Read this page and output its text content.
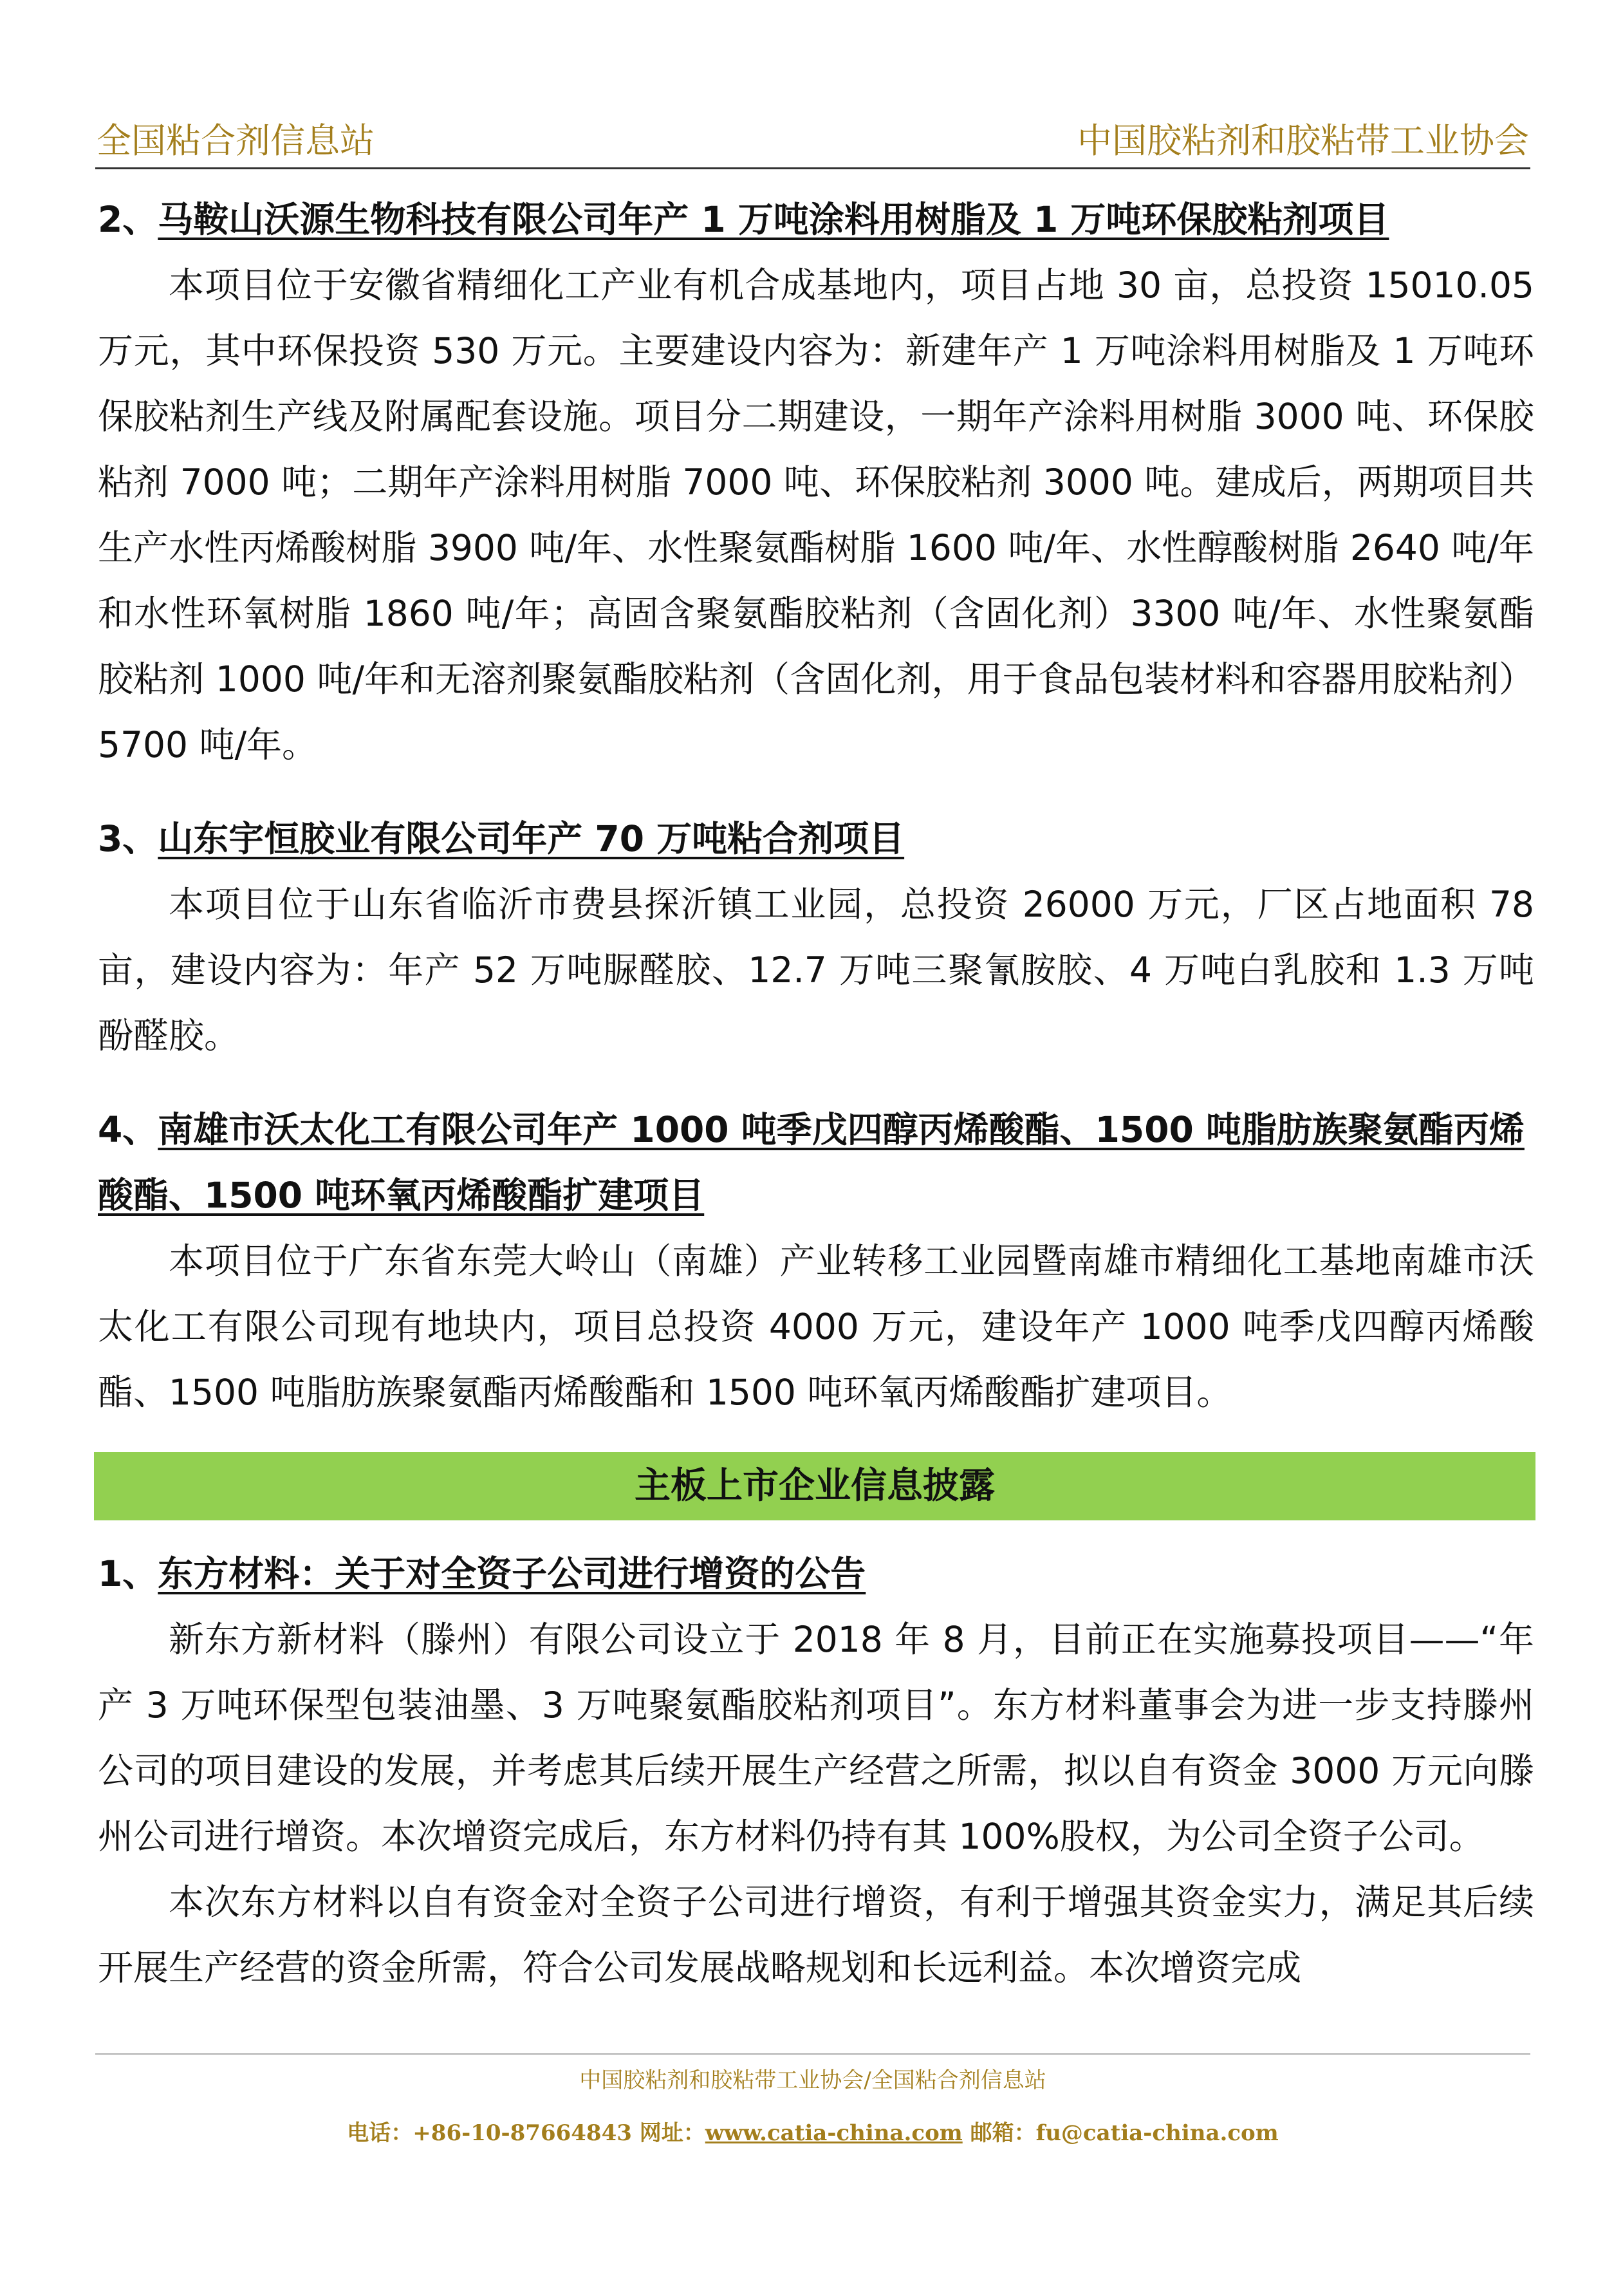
全国粘合剂信息站	中国胶粘剂和胶粘带工业协会
2、马鞍山沃源生物科技有限公司年产 1 万吨涂料用树脂及 1 万吨环保胶粘剂项目

本项目位于安徽省精细化工产业有机合成基地内，项目占地 30 亩，总投资 15010.05 万元，其中环保投资 530 万元。主要建设内容为：新建年产 1 万吨涂料用树脂及 1 万吨环保胶粘剂生产线及附属配套设施。项目分二期建设，一期年产涂料用树脂 3000 吨、环保胶粘剂 7000 吨；二期年产涂料用树脂 7000 吨、环保胶粘剂 3000 吨。建成后，两期项目共生产水性丙烯酸树脂 3900 吨/年、水性聚氨酯树脂 1600 吨/年、水性醇酸树脂 2640 吨/年和水性环氧树脂 1860 吨/年；高固含聚氨酯胶粘剂（含固化剂）3300 吨/年、水性聚氨酯胶粘剂 1000 吨/年和无溶剂聚氨酯胶粘剂（含固化剂，用于食品包装材料和容器用胶粘剂）5700 吨/年。

3、山东宇恒胶业有限公司年产 70 万吨粘合剂项目

本项目位于山东省临沂市费县探沂镇工业园，总投资 26000 万元，厂区占地面积 78 亩，建设内容为：年产 52 万吨脲醛胶、12.7 万吨三聚氰胺胶、4 万吨白乳胶和 1.3 万吨酚醛胶。

4、南雄市沃太化工有限公司年产 1000 吨季戊四醇丙烯酸酯、1500 吨脂肪族聚氨酯丙烯酸酯、1500 吨环氧丙烯酸酯扩建项目

本项目位于广东省东莞大岭山（南雄）产业转移工业园暨南雄市精细化工基地南雄市沃太化工有限公司现有地块内，项目总投资 4000 万元，建设年产 1000 吨季戊四醇丙烯酸酯、1500 吨脂肪族聚氨酯丙烯酸酯和 1500 吨环氧丙烯酸酯扩建项目。

主板上市企业信息披露
1、东方材料：关于对全资子公司进行增资的公告

新东方新材料（滕州）有限公司设立于 2018 年 8 月，目前正在实施募投项目——“年产 3 万吨环保型包装油墨、3 万吨聚氨酯胶粘剂项目”。东方材料董事会为进一步支持滕州公司的项目建设的发展，并考虑其后续开展生产经营之所需，拟以自有资金 3000 万元向滕州公司进行增资。本次增资完成后，东方材料仍持有其 100%股权，为公司全资子公司。

本次东方材料以自有资金对全资子公司进行增资，有利于增强其资金实力，满足其后续开展生产经营的资金所需，符合公司发展战略规划和长远利益。本次增资完成

中国胶粘剂和胶粘带工业协会/全国粘合剂信息站
电话：+86-10-87664843 网址：www.catia-china.com 邮箱：fu@catia-china.com
